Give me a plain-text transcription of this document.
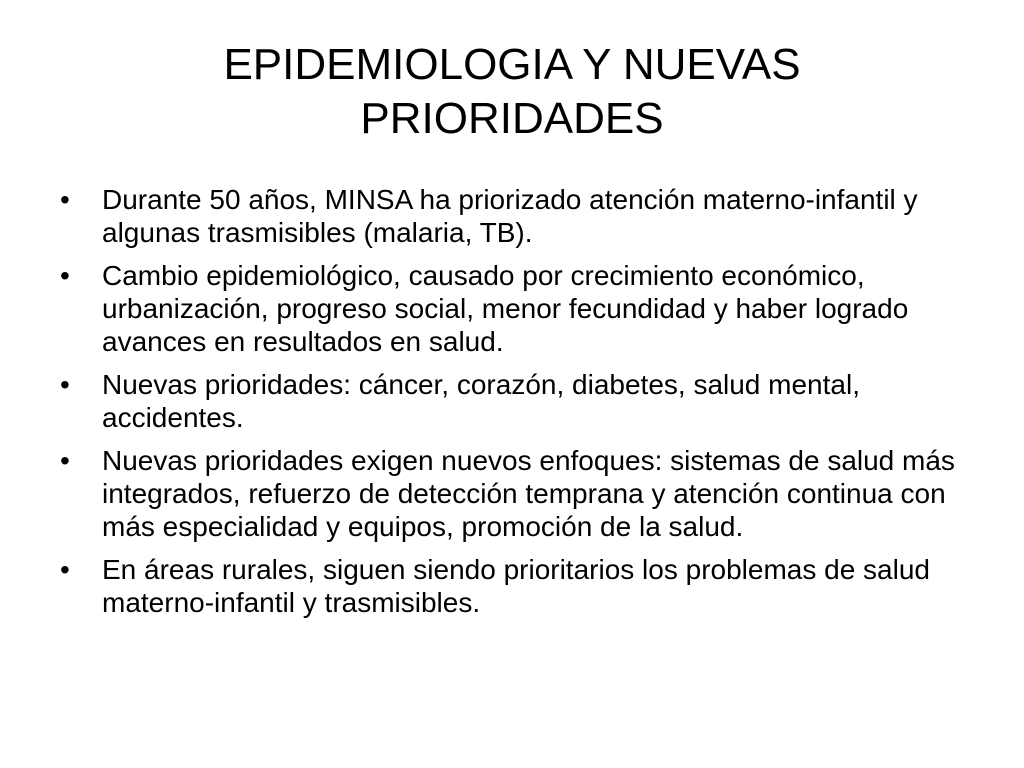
EPIDEMIOLOGIA Y NUEVAS
PRIORIDADES
•	Durante 50 años, MINSA ha priorizado atención materno-infantil y algunas trasmisibles (malaria, TB).
•	Cambio epidemiológico, causado por crecimiento económico, urbanización, progreso social, menor fecundidad y haber logrado avances en resultados en salud.
•	Nuevas prioridades: cáncer, corazón, diabetes, salud mental, accidentes.
•	Nuevas prioridades exigen nuevos enfoques: sistemas de salud más integrados, refuerzo de detección temprana y atención continua con más especialidad y equipos, promoción de la salud.
•	En áreas rurales, siguen siendo prioritarios los problemas de salud materno-infantil y trasmisibles.
